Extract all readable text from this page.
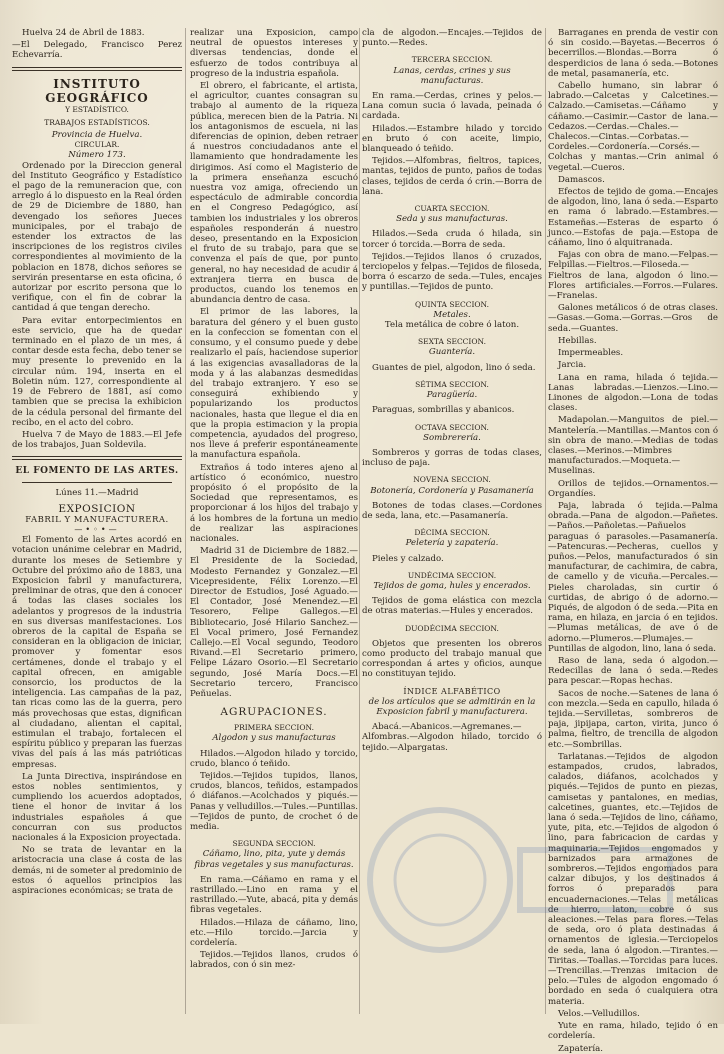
Huelva 24 de Abril de 1883.

—El Delegado, Francisco Perez Echevarría.

INSTITUTO GEOGRÁFICO
Y ESTADÍSTICO.
TRABAJOS ESTADÍSTICOS.
Provincia de Huelva.
CIRCULAR.
Número 173.

Ordenado por la Direccion general del Instituto Geográfico y Estadístico el pago de la remuneracion que, con arreglo á lo dispuesto en la Real órden de 29 de Diciembre de 1880, han devengado los señores Jueces municipales, por el trabajo de estender los extractos de las inscripciones de los registros civiles correspondientes al movimiento de la poblacion en 1878, dichos señores se servirán presentarse en esta oficina, ó autorizar por escrito persona que lo verifique, con el fin de cobrar la cantidad á que tengan derecho.

Para evitar entorpecimientos en este servicio, que ha de quedar terminado en el plazo de un mes, á contar desde esta fecha, debo tener se muy presente lo prevenido en la circular núm. 194, inserta en el Boletin núm. 127, correspondiente al 19 de Febrero de 1881, así como tambien que se precisa la exhibicion de la cédula personal del firmante del recibo, en el acto del cobro.

Huelva 7 de Mayo de 1883.—El Jefe de los trabajos, Juan Soldevila.

EL FOMENTO DE LAS ARTES.
Lúnes 11.—Madrid
EXPOSICION
FABRIL Y MANUFACTURERA.
—•◦•—

El Fomento de las Artes acordó en votacion unánime celebrar en Madrid, durante los meses de Setiembre y Octubre del próximo año de 1883, una Exposicion fabril y manufacturera, preliminar de otras, que den á conocer á todas las clases sociales los adelantos y progresos de la industria en sus diversas manifestaciones. Los obreros de la capital de España se consideran en la obligacion de iniciar, promover y fomentar esos certámenes, donde el trabajo y el capital ofrecen, en amigable consorcio, los productos de la inteligencia. Las campañas de la paz, tan ricas como las de la guerra, pero más provechosas que estas, dignifican al ciudadano, alientan el capital, estimulan el trabajo, fortalecen el espíritu público y preparan las fuerzas vivas del país á las más patrióticas empresas.

La Junta Directiva, inspirándose en estos nobles sentimientos, y cumpliendo los acuerdos adoptados, tiene el honor de invitar á los industriales españoles á que concurran con sus productos nacionales á la Exposicion proyectada.

No se trata de levantar en la aristocracia una clase á costa de las demás, ni de someter al predominio de estos ó aquellos principios las aspiraciones económicas; se trata de

realizar una Exposicion, campo neutral de opuestos intereses y diversas tendencias, donde el esfuerzo de todos contribuya al progreso de la industria española.

El obrero, el fabricante, el artista, el agricultor, cuantes consagran su trabajo al aumento de la riqueza pública, merecen bien de la Patria. Ni los antagonismos de escuela, ni las diferencias de opinion, deben retraer á nuestros conciudadanos ante el llamamiento que hondradamente les dirigimos. Así como el Magisterio de la primera enseñanza escuchó nuestra voz amiga, ofreciendo un espectáculo de admirable concordia en el Congreso Pedagógico, así tambien los industriales y los obreros españoles responderán á nuestro deseo, presentando en la Exposicion el fruto de su trabajo, para que se convenza el país de que, por punto general, no hay necesidad de acudir á extranjera tierra en busca de productos, cuando los tenemos en abundancia dentro de casa.

El primor de las labores, la baratura del género y el buen gusto en la confeccion se fomentan con el consumo, y el consumo puede y debe realizarlo el país, haciendose superior á las exigencias avasalladoras de la moda y á las alabanzas desmedidas del trabajo extranjero. Y eso se conseguirá exhibiendo y popularizando los productos nacionales, hasta que llegue el dia en que la propia estimacion y la propia competencia, ayudados del progreso, nos lleve á preferir espontáneamente la manufactura española.

Extraños á todo interes ajeno al artístico ó económico, nuestro propósito ó el propósito de la Sociedad que representamos, es proporcionar á los hijos del trabajo y á los hombres de la fortuna un medio de realizar las aspiraciones nacionales.

Madrid 31 de Diciembre de 1882.—El Presidente de la Sociedad, Modesto Fernandez y Gonzalez.—El Vicepresidente, Félix Lorenzo.—El Director de Estudios, José Aguado.—El Contador, José Menendez.—El Tesorero, Felipe Gallegos.—El Bibliotecario, José Hilario Sanchez.—El Vocal primero, José Fernandez Callejo.—El Vocal segundo, Teodoro Rivand.—El Secretario primero, Felipe Lázaro Osorio.—El Secretario segundo, José María Docs.—El Secretario tercero, Francisco Peñuelas.

AGRUPACIONES.
PRIMERA SECCION.
Algodon y sus manufacturas

Hilados.—Algodon hilado y torcido, crudo, blanco ó teñido.

Tejidos.—Tejidos tupidos, llanos, crudos, blancos, teñidos, estampados ó diáfanos.—Acolchados y piqués.—Panas y velludillos.—Tules.—Puntillas.—Tejidos de punto, de crochet ó de media.

SEGUNDA SECCION.
Cáñamo, lino, pita, yute y demás fibras vegetales y sus manufacturas.

En rama.—Cáñamo en rama y el rastrillado.—Lino en rama y el rastrillado.—Yute, abacá, pita y demás fibras vegetales.

Hilados.—Hilaza de cáñamo, lino, etc.—Hilo torcido.—Jarcia y cordelería.

Tejidos.—Tejidos llanos, crudos ó labrados, con ó sin mez-

cla de algodon.—Encajes.—Tejidos de punto.—Redes.

TERCERA SECCION.
Lanas, cerdas, crines y sus manufacturas.

En rama.—Cerdas, crines y pelos.—Lana comun sucia ó lavada, peinada ó cardada.

Hilados.—Estambre hilado y torcido en bruto ó con aceite, limpio, blanqueado ó teñido.

Tejidos.—Alfombras, fieltros, tapices, mantas, tejidos de punto, paños de todas clases, tejidos de cerda ó crin.—Borra de lana.

CUARTA SECCION.
Seda y sus manufacturas.

Hilados.—Seda cruda ó hilada, sin torcer ó torcida.—Borra de seda.

Tejidos.—Tejidos llanos ó cruzados, terciopelos y felpas.—Tejidos de filoseda, borra ó escarzo de seda.—Tules, encajes y puntillas.—Tejidos de punto.

QUINTA SECCION.
Metales.

Tela metálica de cobre ó laton.

SEXTA SECCION.
Guantería.

Guantes de piel, algodon, lino ó seda.

SÉTIMA SECCION.
Paragüería.

Paraguas, sombrillas y abanicos.

OCTAVA SECCION.
Sombrerería.

Sombreros y gorras de todas clases, incluso de paja.

NOVENA SECCION.
Botonería, Cordonería y Pasamanería

Botones de todas clases.—Cordones de seda, lana, etc.—Pasamanería.

DÉCIMA SECCION.
Peletería y zapatería.

Pieles y calzado.

UNDÉCIMA SECCION.
Tejidos de goma, hules y encerados.

Tejidos de goma elástica con mezcla de otras materias.—Hules y encerados.

DUODÉCIMA SECCION.

Objetos que presenten los obreros como producto del trabajo manual que correspondan á artes y oficios, aunque no constituyan tejido.

ÍNDICE ALFABÉTICO
de los artículos que se admitirán en la Exposicion fabril y manufacturera.

Abacá.—Abanicos.—Agremanes.—Alfombras.—Algodon hilado, torcido ó tejido.—Alpargatas.

Barraganes en prenda de vestir con ó sin cosido.—Bayetas.—Becerros ó becerrillos.—Blondas.—Borra ó desperdicios de lana ó seda.—Botones de metal, pasamanería, etc.

Cabello humano, sin labrar ó labrado.—Calcetas y Calcetines.—Calzado.—Camisetas.—Cáñamo y cáñamo.—Casimir.—Castor de lana.—Cedazos.—Cerdas.—Chales.—Chalecos.—Cintas.—Corbatas.—Cordeles.—Cordonería.—Corsés.—Colchas y mantas.—Crin animal ó vegetal.—Cueros.

Damascos.

Efectos de tejido de goma.—Encajes de algodon, lino, lana ó seda.—Esparto en rama ó labrado.—Estambres.—Estameñas.—Esteras de esparto ó junco.—Estofas de paja.—Estopa de cáñamo, lino ó alquitranada.

Fajas con obra de mano.—Felpas.—Felpillas.—Fieltros.—Filoseda.—Fieltros de lana, algodon ó lino.—Flores artificiales.—Forros.—Fulares.—Franelas.

Galones metálicos ó de otras clases.—Gasas.—Goma.—Gorras.—Gros de seda.—Guantes.

Hebillas.

Impermeables.

Jarcia.

Lana en rama, hilada ó tejida.—Lanas labradas.—Lienzos.—Lino.—Linones de algodon.—Lona de todas clases.

Madapolan.—Manguitos de piel.—Mantelería.—Mantillas.—Mantos con ó sin obra de mano.—Medias de todas clases.—Merinos.—Mimbres manufacturados.—Moqueta.—Muselinas.

Orillos de tejidos.—Ornamentos.—Organdíes.

Paja, labrada ó tejida.—Palma obrada.—Pana de algodon.—Pañetes.—Paños.—Pañoletas.—Pañuelos paraguas ó parasoles.—Pasamanería.—Patencuras.—Pecheras, cuellos y puños.—Pelos, manufacturados ó sin manufacturar, de cachimira, de cabra, de camello y de vicuña.—Percales.—Pieles charoladas, sin curtir ó curtidas, de abrigo ó de adorno.—Piqués, de algodon ó de seda.—Pita en rama, en hilaza, en jarcia ó en tejidos.—Plumas metálicas, de ave ó de adorno.—Plumeros.—Plumajes.—Puntillas de algodon, lino, lana ó seda.

Raso de lana, seda ó algodon.—Redecillas de lana ó seda.—Redes para pescar.—Ropas hechas.

Sacos de noche.—Satenes de lana ó con mezcla.—Seda en capullo, hilada ó tejida.—Servilletas, sombreros de paja, jipijapa, carton, virita, junco ó palma, fieltro, de trencilla de algodon etc.—Sombrillas.

Tarlatanas.—Tejidos de algodon estampados, crudos, labrados, calados, diáfanos, acolchados y piqués.—Tejidos de punto en piezas, camisetas y pantalones, en medias, calcetines, guantes, etc.—Tejidos de lana ó seda.—Tejidos de lino, cáñamo, yute, pita, etc.—Tejidos de algodon ó lino, para fabricacion de cardas y maquinaria.—Tejidos engomados y barnizados para armazones de sombreros.—Tejidos engomados para calzar dibujos, y los destinados á forros ó preparados para encuadernaciones.—Telas metálicas de hierro, laton, cobre ó sus aleaciones.—Telas para flores.—Telas de seda, oro ó plata destinadas á ornamentos de iglesia.—Terciopelos de seda, lana ó algodon.—Tirantes.—Tiritas.—Toallas.—Torcidas para luces.—Trencillas.—Trenzas imitacion de pelo.—Tules de algodon engomado ó bordado en seda ó cualquiera otra materia.

Velos.—Velludillos.

Yute en rama, hilado, tejido ó en cordelería.

Zapatería.
